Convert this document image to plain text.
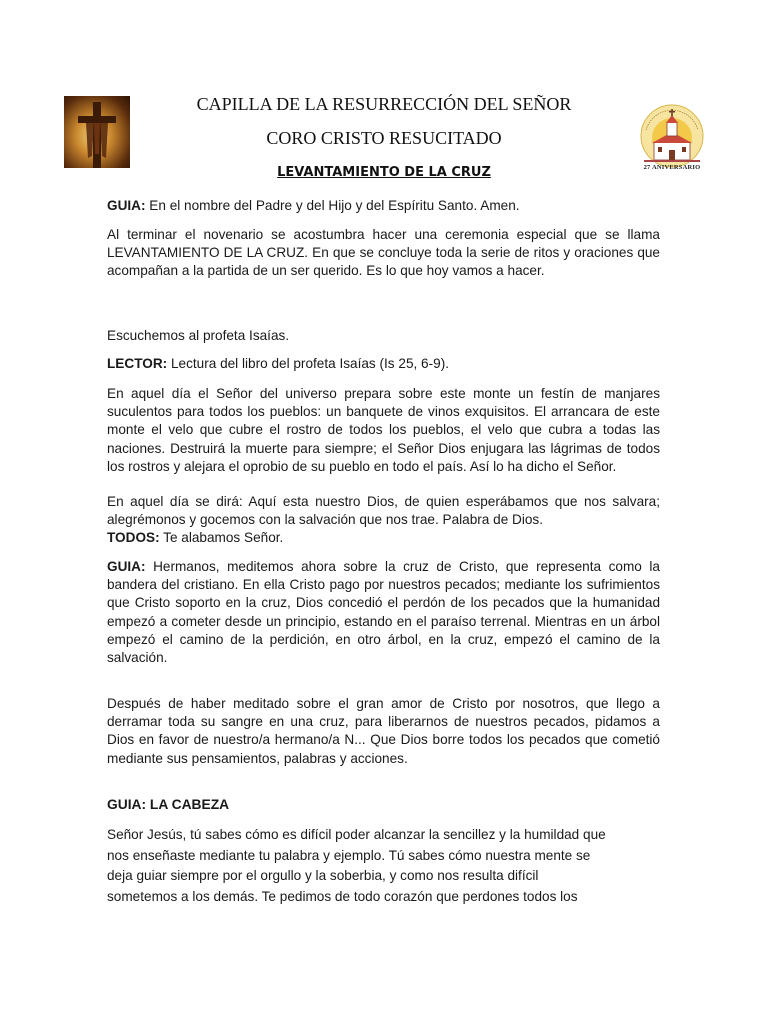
27 ANIVERSARIO
CAPILLA DE LA RESURRECCIÓN DEL SEÑOR
CORO CRISTO RESUCITADO
LEVANTAMIENTO DE LA CRUZ
GUIA: En el nombre del Padre y del Hijo y del Espíritu Santo. Amen.
Al terminar el novenario se acostumbra hacer una ceremonia especial que se llama LEVANTAMIENTO DE LA CRUZ. En que se concluye toda la serie de ritos y oraciones que acompañan a la partida de un ser querido. Es lo que hoy vamos a hacer.
Escuchemos al profeta Isaías.
LECTOR: Lectura del libro del profeta Isaías (Is 25, 6-9).
En aquel día el Señor del universo prepara sobre este monte un festín de manjares suculentos para todos los pueblos: un banquete de vinos exquisitos. El arrancara de este monte el velo que cubre el rostro de todos los pueblos, el velo que cubra a todas las naciones. Destruirá la muerte para siempre; el Señor Dios enjugara las lágrimas de todos los rostros y alejara el oprobio de su pueblo en todo el país. Así lo ha dicho el Señor.
En aquel día se dirá: Aquí esta nuestro Dios, de quien esperábamos que nos salvara; alegrémonos y gocemos con la salvación que nos trae. Palabra de Dios.
TODOS: Te alabamos Señor.
GUIA: Hermanos, meditemos ahora sobre la cruz de Cristo, que representa como la bandera del cristiano. En ella Cristo pago por nuestros pecados; mediante los sufrimientos que Cristo soporto en la cruz, Dios concedió el perdón de los pecados que la humanidad empezó a cometer desde un principio, estando en el paraíso terrenal. Mientras en un árbol empezó el camino de la perdición, en otro árbol, en la cruz, empezó el camino de la salvación.
Después de haber meditado sobre el gran amor de Cristo por nosotros, que llego a derramar toda su sangre en una cruz, para liberarnos de nuestros pecados, pidamos a Dios en favor de nuestro/a hermano/a N... Que Dios borre todos los pecados que cometió mediante sus pensamientos, palabras y acciones.
GUIA: LA CABEZA
Señor Jesús, tú sabes cómo es difícil poder alcanzar la sencillez y la humildad que
nos enseñaste mediante tu palabra y ejemplo. Tú sabes cómo nuestra mente se
deja guiar siempre por el orgullo y la soberbia, y como nos resulta difícil
sometemos a los demás. Te pedimos de todo corazón que perdones todos los
